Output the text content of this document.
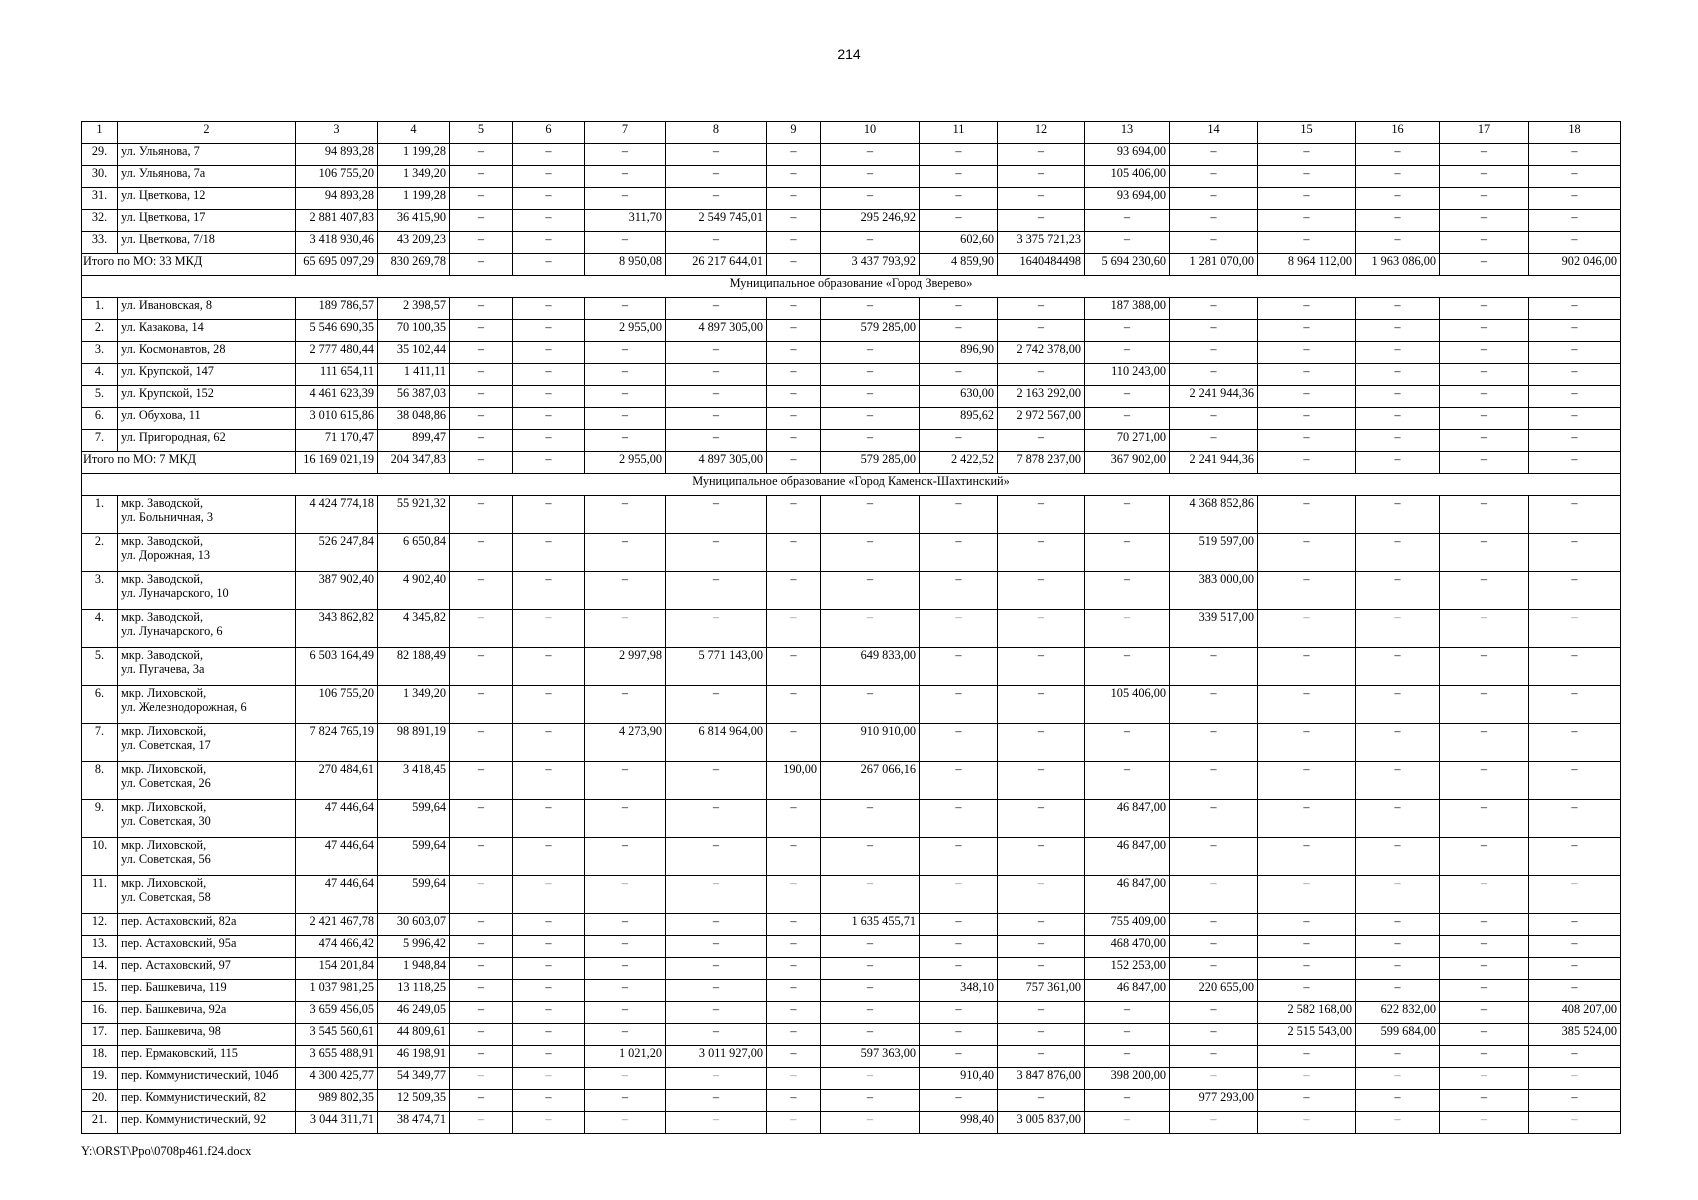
214
1	2	3	4	5	6	7	8	9	10	11	12	13	14	15	16	17	18
29.	ул. Ульянова, 7	94 893,28	1 199,28	–	–	–	–	–	–	–	–	93 694,00	–	–	–	–	–
30.	ул. Ульянова, 7а	106 755,20	1 349,20	–	–	–	–	–	–	–	–	105 406,00	–	–	–	–	–
31.	ул. Цветкова, 12	94 893,28	1 199,28	–	–	–	–	–	–	–	–	93 694,00	–	–	–	–	–
32.	ул. Цветкова, 17	2 881 407,83	36 415,90	–	–	311,70	2 549 745,01	–	295 246,92	–	–	–	–	–	–	–	–
33.	ул. Цветкова, 7/18	3 418 930,46	43 209,23	–	–	–	–	–	–	602,60	3 375 721,23	–	–	–	–	–	–
Итого по МО: 33 МКД		65 695 097,29	830 269,78	–	–	8 950,08	26 217 644,01	–	3 437 793,92	4 859,90	1640484498	5 694 230,60	1 281 070,00	8 964 112,00	1 963 086,00	–	902 046,00
Муниципальное образование «Город Зверево»																	
1.	ул. Ивановская, 8	189 786,57	2 398,57	–	–	–	–	–	–	–	–	187 388,00	–	–	–	–	–
2.	ул. Казакова, 14	5 546 690,35	70 100,35	–	–	2 955,00	4 897 305,00	–	579 285,00	–	–	–	–	–	–	–	–
3.	ул. Космонавтов, 28	2 777 480,44	35 102,44	–	–	–	–	–	–	896,90	2 742 378,00	–	–	–	–	–	–
4.	ул. Крупской, 147	111 654,11	1 411,11	–	–	–	–	–	–	–	–	110 243,00	–	–	–	–	–
5.	ул. Крупской, 152	4 461 623,39	56 387,03	–	–	–	–	–	–	630,00	2 163 292,00	–	2 241 944,36	–	–	–	–
6.	ул. Обухова, 11	3 010 615,86	38 048,86	–	–	–	–	–	–	895,62	2 972 567,00	–	–	–	–	–	–
7.	ул. Пригородная, 62	71 170,47	899,47	–	–	–	–	–	–	–	–	70 271,00	–	–	–	–	–
Итого по МО: 7 МКД		16 169 021,19	204 347,83	–	–	2 955,00	4 897 305,00	–	579 285,00	2 422,52	7 878 237,00	367 902,00	2 241 944,36	–	–	–	–
Муниципальное образование «Город Каменск-Шахтинский»																	
1.	мкр. Заводской,
ул. Больничная, 3	4 424 774,18	55 921,32	–	–	–	–	–	–	–	–	–	4 368 852,86	–	–	–	–
2.	мкр. Заводской,
ул. Дорожная, 13	526 247,84	6 650,84	–	–	–	–	–	–	–	–	–	519 597,00	–	–	–	–
3.	мкр. Заводской,
ул. Луначарского, 10	387 902,40	4 902,40	–	–	–	–	–	–	–	–	–	383 000,00	–	–	–	–
4.	мкр. Заводской,
ул. Луначарского, 6	343 862,82	4 345,82	–	–	–	–	–	–	–	–	–	339 517,00	–	–	–	–
5.	мкр. Заводской,
ул. Пугачева, 3а	6 503 164,49	82 188,49	–	–	2 997,98	5 771 143,00	–	649 833,00	–	–	–	–	–	–	–	–
6.	мкр. Лиховской,
ул. Железнодорожная, 6	106 755,20	1 349,20	–	–	–	–	–	–	–	–	105 406,00	–	–	–	–	–
7.	мкр. Лиховской,
ул. Советская, 17	7 824 765,19	98 891,19	–	–	4 273,90	6 814 964,00	–	910 910,00	–	–	–	–	–	–	–	–
8.	мкр. Лиховской,
ул. Советская, 26	270 484,61	3 418,45	–	–	–	–	190,00	267 066,16	–	–	–	–	–	–	–	–
9.	мкр. Лиховской,
ул. Советская, 30	47 446,64	599,64	–	–	–	–	–	–	–	–	46 847,00	–	–	–	–	–
10.	мкр. Лиховской,
ул. Советская, 56	47 446,64	599,64	–	–	–	–	–	–	–	–	46 847,00	–	–	–	–	–
11.	мкр. Лиховской,
ул. Советская, 58	47 446,64	599,64	–	–	–	–	–	–	–	–	46 847,00	–	–	–	–	–
12.	пер. Астаховский, 82а	2 421 467,78	30 603,07	–	–	–	–	–	1 635 455,71	–	–	755 409,00	–	–	–	–	–
13.	пер. Астаховский, 95а	474 466,42	5 996,42	–	–	–	–	–	–	–	–	468 470,00	–	–	–	–	–
14.	пер. Астаховский, 97	154 201,84	1 948,84	–	–	–	–	–	–	–	–	152 253,00	–	–	–	–	–
15.	пер. Башкевича, 119	1 037 981,25	13 118,25	–	–	–	–	–	–	348,10	757 361,00	46 847,00	220 655,00	–	–	–	–
16.	пер. Башкевича, 92а	3 659 456,05	46 249,05	–	–	–	–	–	–	–	–	–	–	2 582 168,00	622 832,00	–	408 207,00
17.	пер. Башкевича, 98	3 545 560,61	44 809,61	–	–	–	–	–	–	–	–	–	–	2 515 543,00	599 684,00	–	385 524,00
18.	пер. Ермаковский, 115	3 655 488,91	46 198,91	–	–	1 021,20	3 011 927,00	–	597 363,00	–	–	–	–	–	–	–	–
19.	пер. Коммунистический, 104б	4 300 425,77	54 349,77	–	–	–	–	–	–	910,40	3 847 876,00	398 200,00	–	–	–	–	–
20.	пер. Коммунистический, 82	989 802,35	12 509,35	–	–	–	–	–	–	–	–	–	977 293,00	–	–	–	–
21.	пер. Коммунистический, 92	3 044 311,71	38 474,71	–	–	–	–	–	–	998,40	3 005 837,00	–	–	–	–	–	–
Y:\ORST\Ppo\0708p461.f24.docx
